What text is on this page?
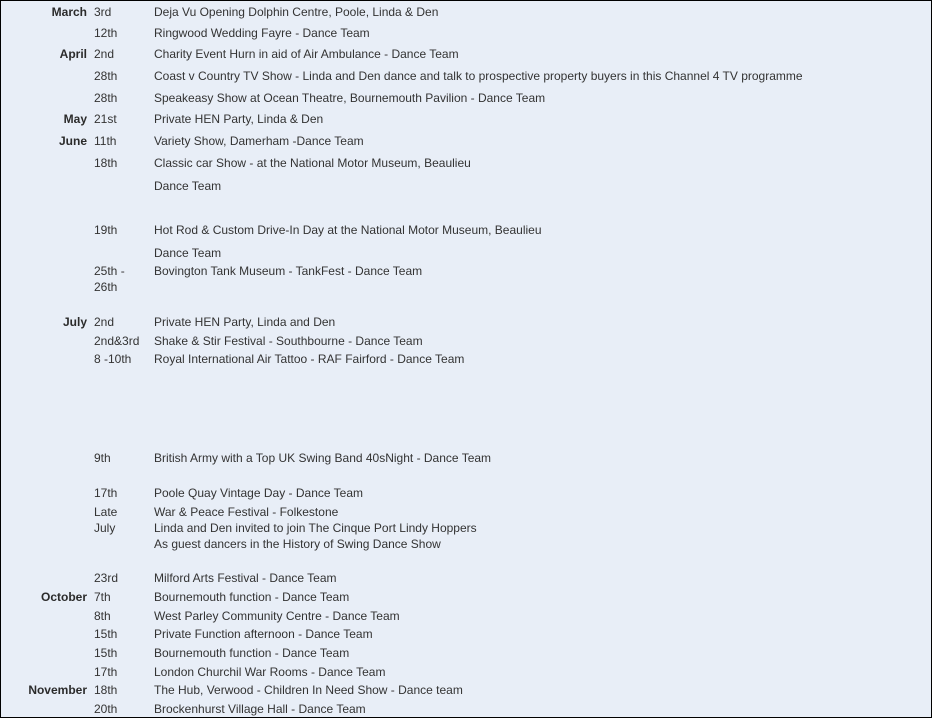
March 3rd	Deja Vu Opening Dolphin Centre, Poole, Linda & Den
12th	Ringwood Wedding Fayre - Dance Team
April 2nd	Charity Event Hurn in aid of Air Ambulance - Dance Team
28th	Coast v Country TV Show - Linda and Den dance and talk to prospective property buyers in this Channel 4 TV programme
28th	Speakeasy Show at Ocean Theatre, Bournemouth Pavilion - Dance Team
May 21st	Private HEN Party, Linda & Den
June 11th	Variety Show, Damerham -Dance Team
18th	Classic car Show - at the National Motor Museum, Beaulieu
Dance Team
19th	Hot Rod & Custom Drive-In Day at the National Motor Museum, Beaulieu
Dance Team
25th -	Bovington Tank Museum - TankFest - Dance Team
26th
July 2nd	Private HEN Party, Linda and Den
2nd&3rd	Shake & Stir Festival - Southbourne - Dance Team
8 -10th	Royal International Air Tattoo - RAF Fairford - Dance Team
9th	British Army with a Top UK Swing Band 40sNight - Dance Team
17th	Poole Quay Vintage Day - Dance Team
Late	War & Peace Festival - Folkestone
July	Linda and Den invited to join The Cinque Port Lindy Hoppers
As guest dancers in the History of Swing Dance Show
23rd	Milford Arts Festival - Dance Team
October 7th	Bournemouth function - Dance Team
8th	West Parley Community Centre - Dance Team
15th	Private Function afternoon - Dance Team
15th	Bournemouth function - Dance Team
17th	London Churchil War Rooms - Dance Team
November 18th	The Hub, Verwood - Children In Need Show - Dance team
20th	Brockenhurst Village Hall - Dance Team
